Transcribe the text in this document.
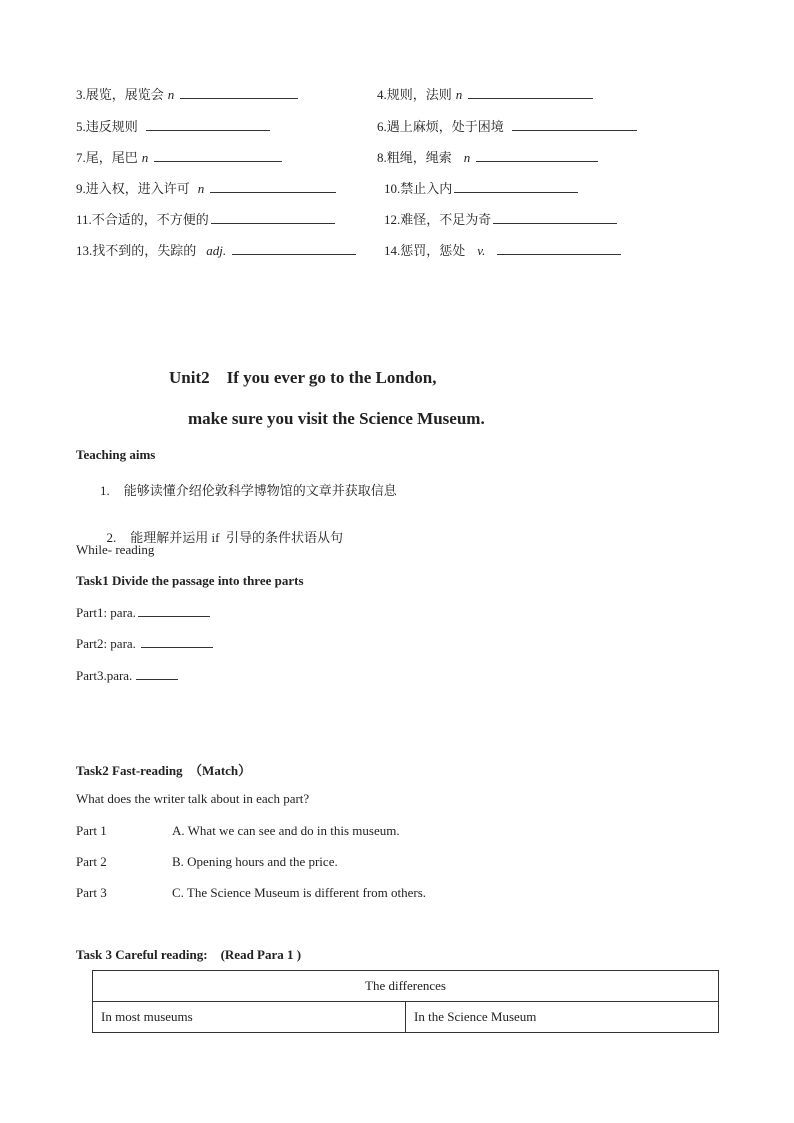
3.展览，展览会 n	4.规则，法则 n
5.违反规则	6.遇上麻烦，处于困境
7.尾，尾巴 n	8.粗绳，绳索 n
9.进入权，进入许可 n	10.禁止入内
11.不合适的，不方便的	12.难怪，不足为奇
13.找不到的，失踪的 adj.	14.惩罚，惩处 v.
Unit2    If you ever go to the London,
make sure you visit the Science Museum.
Teaching aims
1. 能够读懂介绍伦敦科学博物馆的文章并获取信息

2. 能理解并运用 if  引导的条件状语从句

While- reading
Task1 Divide the passage into three parts
Part1: para.
Part2: para.
Part3.para.
Task2 Fast-reading  （Match）
What does the writer talk about in each part?
Part 1	A. What we can see and do in this museum.
Part 2	B. Opening hours and the price.
Part 3	C. The Science Museum is different from others.
Task 3 Careful reading:    (Read Para 1 )
The differences
In most museums	In the Science Museum
